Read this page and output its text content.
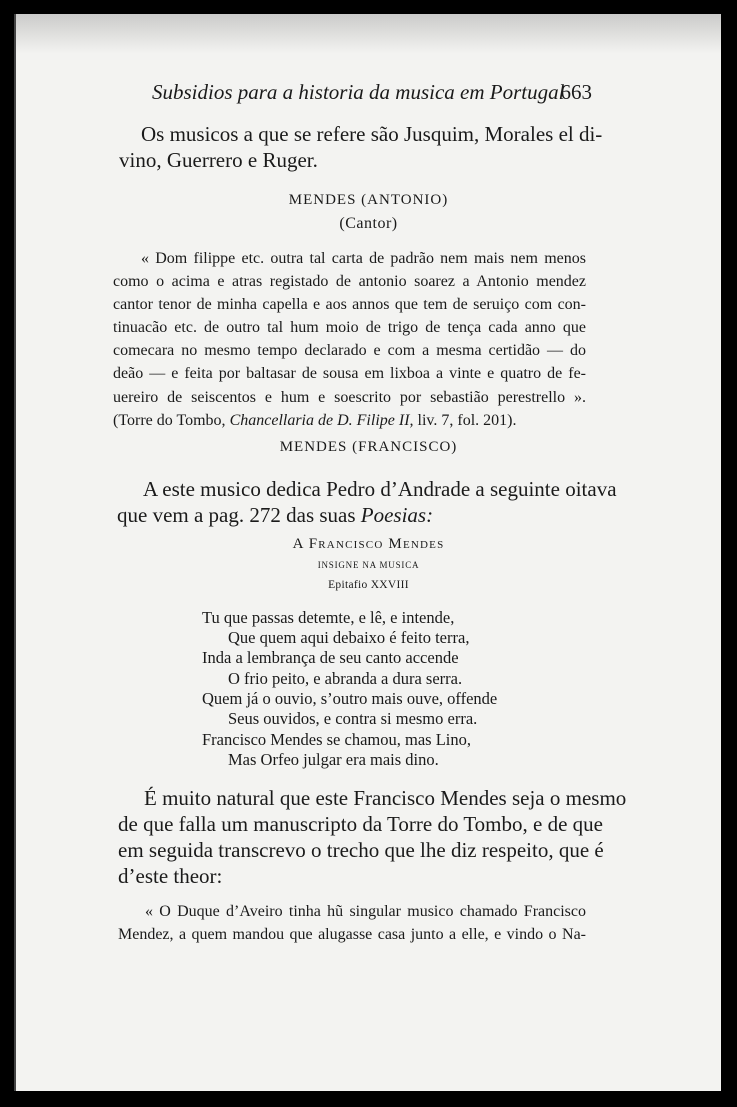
Subsidios para a historia da musica em Portugal
663
Os musicos a que se refere são Jusquim, Morales el di-
vino, Guerrero e Ruger.
MENDES (ANTONIO)
(Cantor)
« Dom filippe etc. outra tal carta de padrão nem mais nem menos
como o acima e atras registado de antonio soarez a Antonio mendez
cantor tenor de minha capella e aos annos que tem de seruiço com con-
tinuacão etc. de outro tal hum moio de trigo de tença cada anno que
comecara no mesmo tempo declarado e com a mesma certidão — do
deão — e feita por baltasar de sousa em lixboa a vinte e quatro de fe-
uereiro de seiscentos e hum e soescrito por sebastião perestrello ».
(Torre do Tombo, Chancellaria de D. Filipe II, liv. 7, fol. 201).
MENDES (FRANCISCO)
A este musico dedica Pedro d’Andrade a seguinte oitava
que vem a pag. 272 das suas Poesias:
A Francisco Mendes
INSIGNE NA MUSICA
Epitafio XXVIII
Tu que passas detemte, e lê, e intende,
Que quem aqui debaixo é feito terra,
Inda a lembrança de seu canto accende
O frio peito, e abranda a dura serra.
Quem já o ouvio, s’outro mais ouve, offende
Seus ouvidos, e contra si mesmo erra.
Francisco Mendes se chamou, mas Lino,
Mas Orfeo julgar era mais dino.
É muito natural que este Francisco Mendes seja o mesmo
de que falla um manuscripto da Torre do Tombo, e de que
em seguida transcrevo o trecho que lhe diz respeito, que é
d’este theor:
« O Duque d’Aveiro tinha hũ singular musico chamado Francisco
Mendez, a quem mandou que alugasse casa junto a elle, e vindo o Na-
